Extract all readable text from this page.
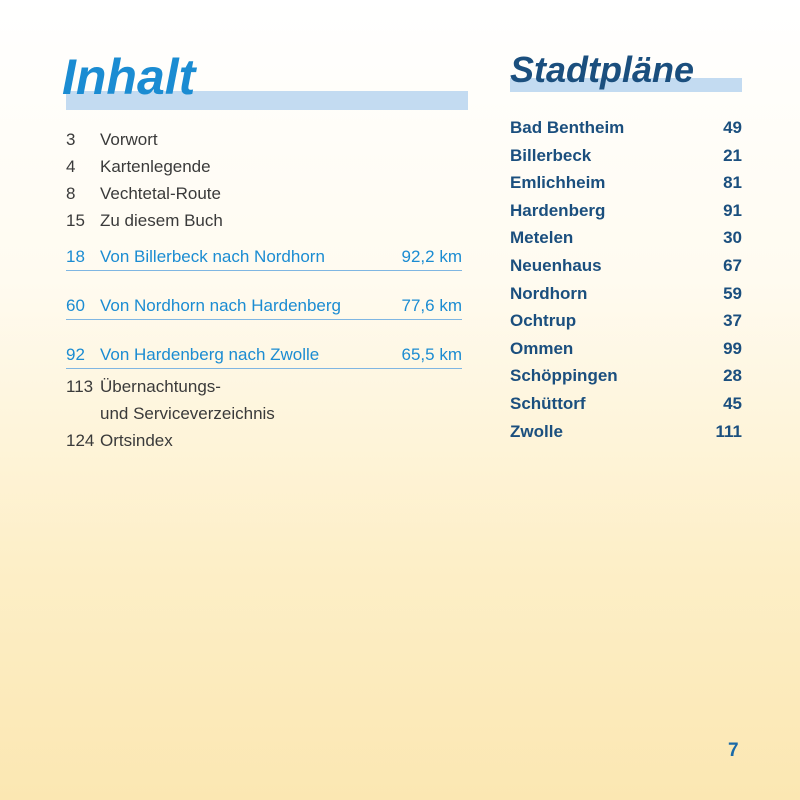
Inhalt	Stadtpläne
3	Vorwort
4	Kartenlegende
8	Vechtetal-Route
15 Zu diesem Buch
18 Von Billerbeck nach Nordhorn	92,2 km
60 Von Nordhorn nach Hardenberg	77,6 km
92 Von Hardenberg nach Zwolle	65,5 km
113 Übernachtungs-
und Serviceverzeichnis
124 Ortsindex
Bad Bentheim	49
Billerbeck	21
Emlichheim	81
Hardenberg	91
Metelen	30
Neuenhaus	67
Nordhorn	59
Ochtrup	37
Ommen	99
Schöppingen	28
Schüttorf	45
Zwolle	111
7
